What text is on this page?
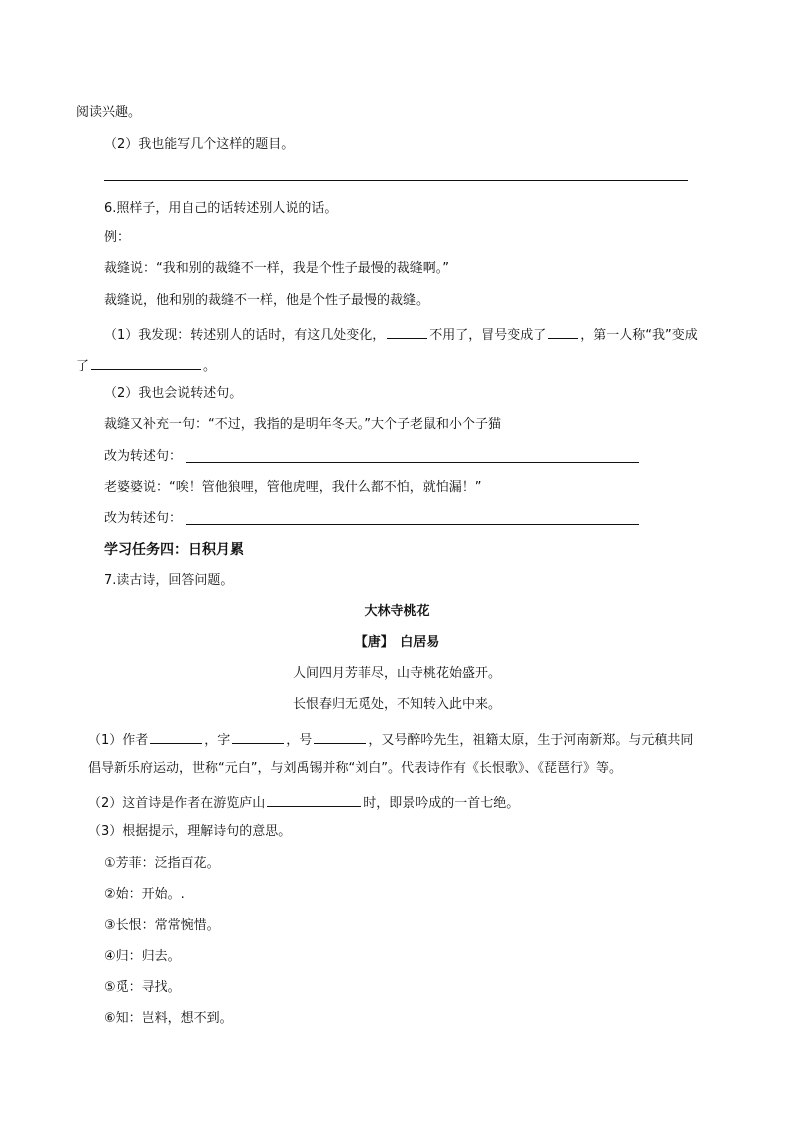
阅读兴趣。
（2）我也能写几个这样的题目。
6.照样子，用自己的话转述别人说的话。
例：
裁缝说：“我和别的裁缝不一样，我是个性子最慢的裁缝啊。”
裁缝说，他和别的裁缝不一样，他是个性子最慢的裁缝。
（1）我发现：转述别人的话时，有这几处变化，	不用了，冒号变成了	，第一人称“我”变成
了	。
（2）我也会说转述句。
裁缝又补充一句：“不过，我指的是明年冬天。”大个子老鼠和小个子猫
改为转述句：
老婆婆说：“唉！管他狼哩，管他虎哩，我什么都不怕，就怕漏！”
改为转述句：
学习任务四：日积月累
7.读古诗，回答问题。
大林寺桃花
【唐】　白居易
人间四月芳菲尽，山寺桃花始盛开。
长恨春归无觅处，不知转入此中来。
（1）作者	，字	，号	，又号醉吟先生，祖籍太原，生于河南新郑。与元稹共同
倡导新乐府运动，世称“元白”，与刘禹锡并称“刘白”。代表诗作有《长恨歌》、《琵琶行》等。
（2）这首诗是作者在游览庐山	时，即景吟成的一首七绝。
（3）根据提示，理解诗句的意思。
①芳菲：泛指百花。
②始：开始。.
③长恨：常常惋惜。
④归：归去。
⑤觅：寻找。
⑥知：岂料，想不到。
